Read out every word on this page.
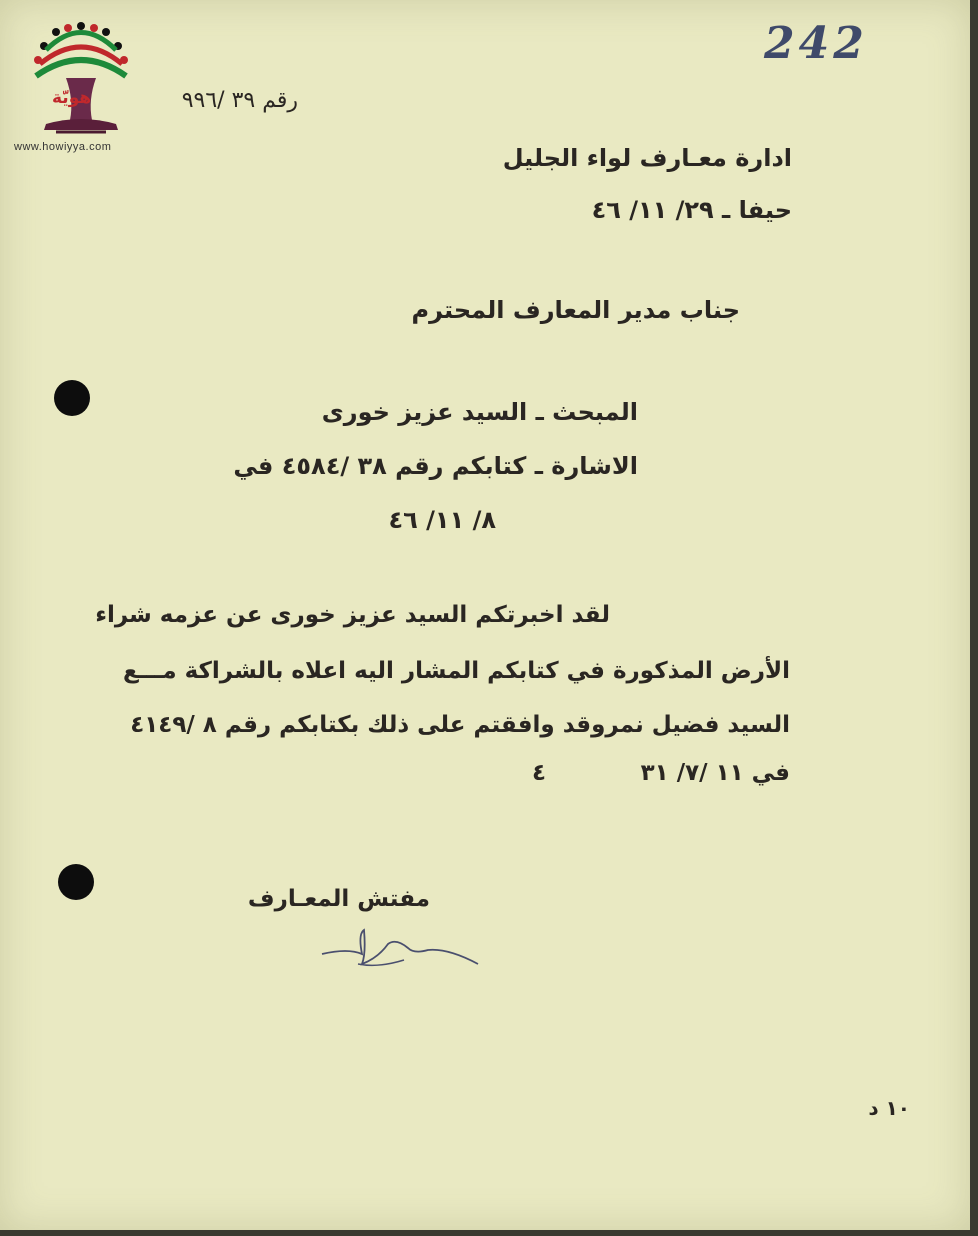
هويّة
www.howiyya.com
242
رقم ٣٩ /٩٩٦
ادارة معـارف لواء الجليل
حيفا ـ ٢٩/ ١١/ ٤٦
جناب مدير المعارف المحترم
المبحث ـ السيد عزيز خورى
الاشارة ـ كتابكم رقم ٣٨ /٤٥٨٤ في
٨/ ١١/ ٤٦
لقد اخبرتكم السيد عزيز خورى عن عزمه شراء
الأرض المذكورة في كتابكم المشار اليه اعلاه بالشراكة مـــع
السيد فضيل نمروقد وافقتم على ذلك بكتابكم رقم ٨ /٤١٤٩
في ١١ /٧/ ٣١
٤
مفتش المعـارف
١٠ د
